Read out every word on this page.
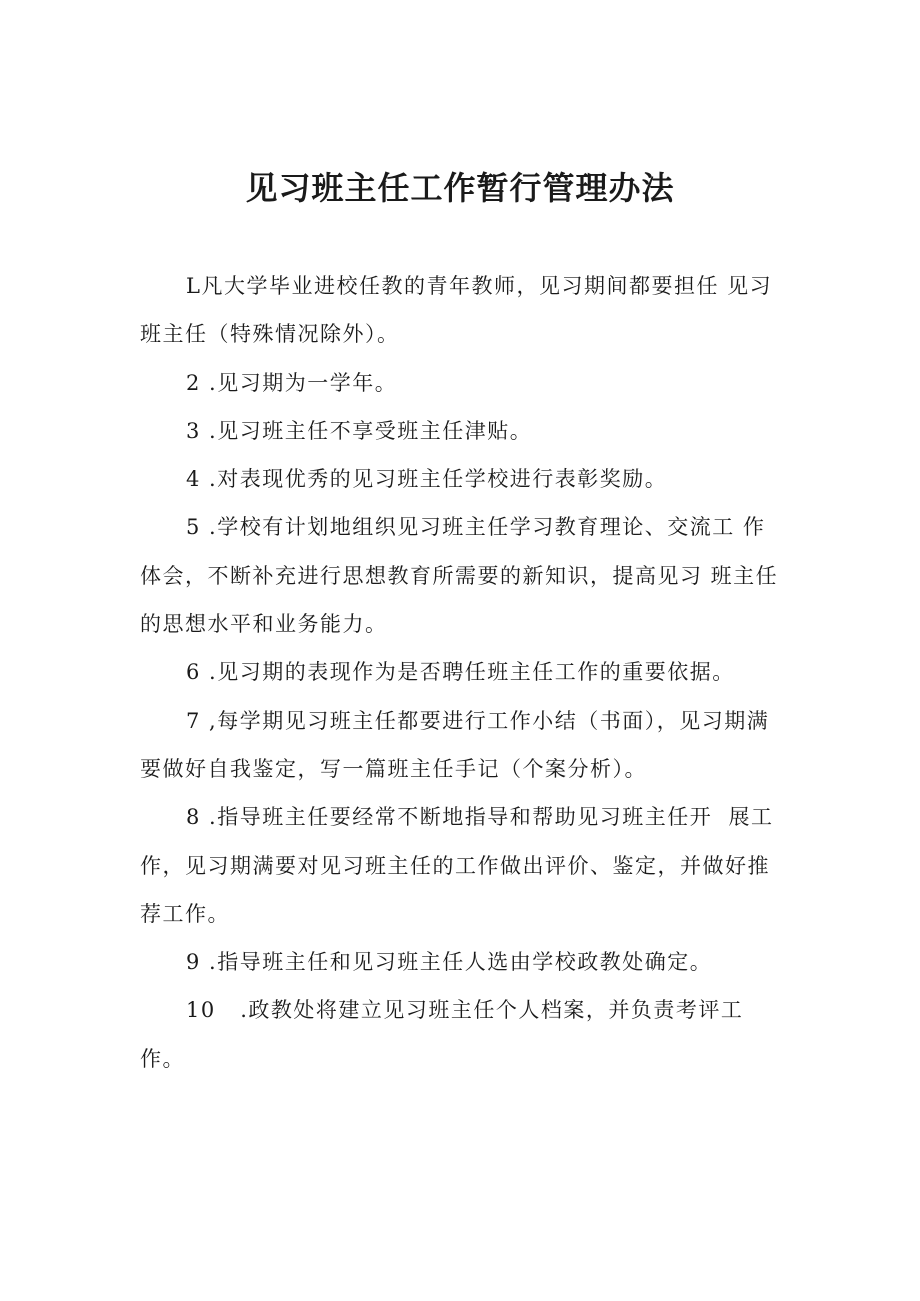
见习班主任工作暂行管理办法

L凡大学毕业进校任教的青年教师，见习期间都要担任 见习班主任（特殊情况除外）。

2 .见习期为一学年。

3 .见习班主任不享受班主任津贴。

4 .对表现优秀的见习班主任学校进行表彰奖励。

5 .学校有计划地组织见习班主任学习教育理论、交流工 作体会，不断补充进行思想教育所需要的新知识，提高见习 班主任的思想水平和业务能力。

6 .见习期的表现作为是否聘任班主任工作的重要依据。

7 ,每学期见习班主任都要进行工作小结（书面），见习期满要做好自我鉴定，写一篇班主任手记（个案分析）。

8 .指导班主任要经常不断地指导和帮助见习班主任开  展工作，见习期满要对见习班主任的工作做出评价、鉴定，并做好推荐工作。

9 .指导班主任和见习班主任人选由学校政教处确定。

10   .政教处将建立见习班主任个人档案，并负责考评工作。
